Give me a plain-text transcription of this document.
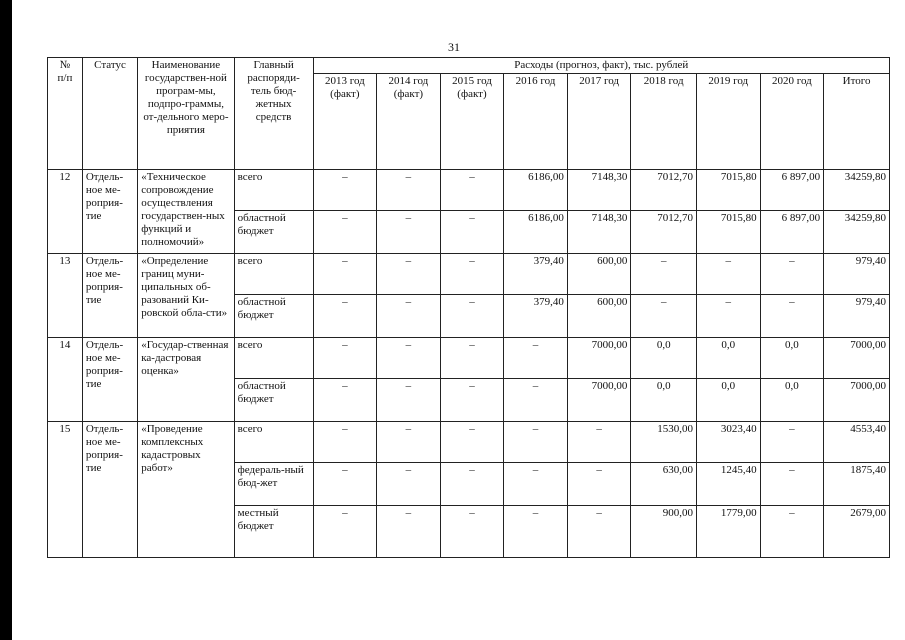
31
№
п/п	Статус	Наименование государствен-ной програм-мы, подпро-граммы, от-дельного меро-приятия	Главный распоряди-тель бюд-жетных средств	Расходы (прогноз, факт), тыс. рублей								
				2013 год (факт)	2014 год (факт)	2015 год (факт)	2016 год	2017 год	2018 год	2019 год	2020 год	Итого
12	Отдель-ное ме-роприя-тие	«Техническое сопровождение осуществления государствен-ных функций и полномочий»	всего	–	–	–	6186,00	7148,30	7012,70	7015,80	6 897,00	34259,80
			областной бюджет	–	–	–	6186,00	7148,30	7012,70	7015,80	6 897,00	34259,80
13	Отдель-ное ме-роприя-тие	«Определение границ муни-ципальных об-разований Ки-ровской обла-сти»	всего	–	–	–	379,40	600,00	–	–	–	979,40
			областной бюджет	–	–	–	379,40	600,00	–	–	–	979,40
14	Отдель-ное ме-роприя-тие	«Государ-ственная ка-дастровая оценка»	всего	–	–	–	–	7000,00	0,0	0,0	0,0	7000,00
			областной бюджет	–	–	–	–	7000,00	0,0	0,0	0,0	7000,00
15	Отдель-ное ме-роприя-тие	«Проведение комплексных кадастровых работ»	всего	–	–	–	–	–	1530,00	3023,40	–	4553,40
			федераль-ный бюд-жет	–	–	–	–	–	630,00	1245,40	–	1875,40
			местный бюджет	–	–	–	–	–	900,00	1779,00	–	2679,00
